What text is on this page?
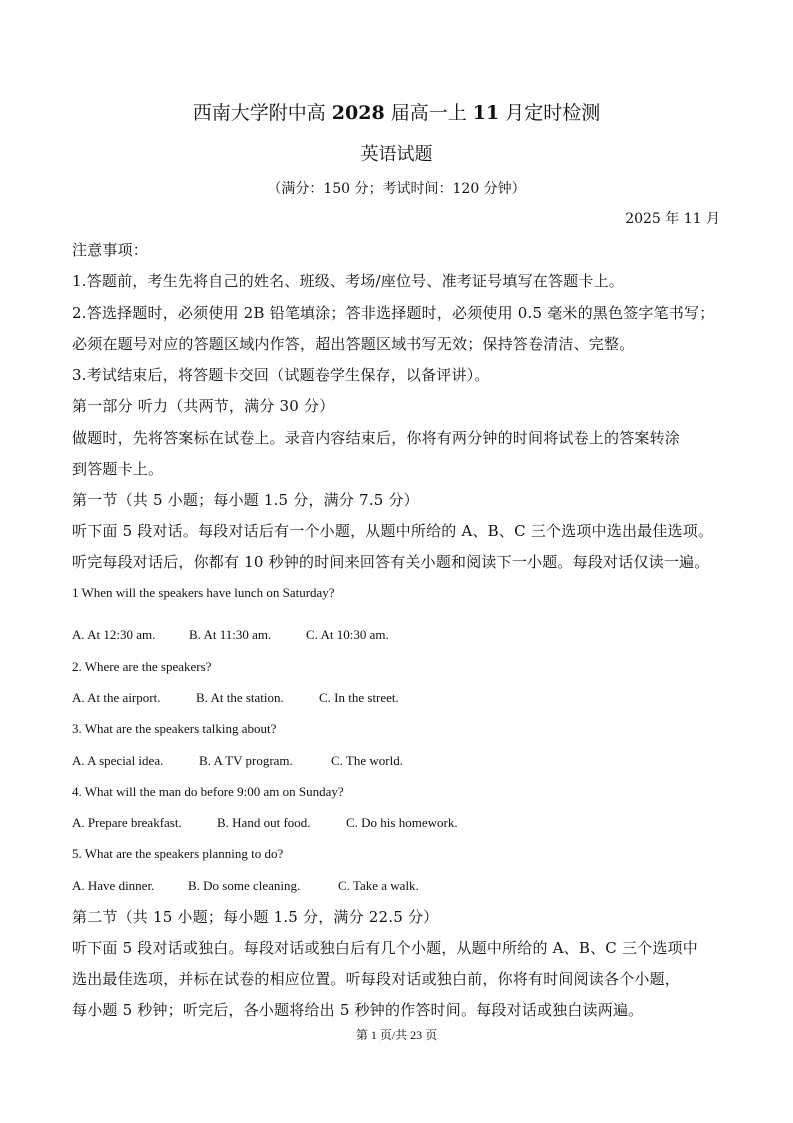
西南大学附中高 2028 届高一上 11 月定时检测
英语试题
（满分：150 分；考试时间：120 分钟）
2025 年 11 月
注意事项：
1.答题前，考生先将自己的姓名、班级、考场/座位号、准考证号填写在答题卡上。
2.答选择题时，必须使用 2B 铅笔填涂；答非选择题时，必须使用 0.5 毫米的黑色签字笔书写；
必须在题号对应的答题区域内作答，超出答题区域书写无效；保持答卷清洁、完整。
3.考试结束后，将答题卡交回（试题卷学生保存，以备评讲）。
第一部分 听力（共两节，满分 30 分）
做题时，先将答案标在试卷上。录音内容结束后，你将有两分钟的时间将试卷上的答案转涂
到答题卡上。
第一节（共 5 小题；每小题 1.5 分，满分 7.5 分）
听下面 5 段对话。每段对话后有一个小题，从题中所给的 A、B、C 三个选项中选出最佳选项。
听完每段对话后，你都有 10 秒钟的时间来回答有关小题和阅读下一小题。每段对话仅读一遍。
1 When will the speakers have lunch on Saturday?
A. At 12:30 am.	B. At 11:30 am.	C. At 10:30 am.
2. Where are the speakers?
A. At the airport.	B. At the station.	C. In the street.
3. What are the speakers talking about?
A. A special idea.	B. A TV program.	C. The world.
4. What will the man do before 9:00 am on Sunday?
A. Prepare breakfast.	B. Hand out food.	C. Do his homework.
5. What are the speakers planning to do?
A. Have dinner.	B. Do some cleaning.	C. Take a walk.
第二节（共 15 小题；每小题 1.5 分，满分 22.5 分）
听下面 5 段对话或独白。每段对话或独白后有几个小题，从题中所给的 A、B、C 三个选项中
选出最佳选项，并标在试卷的相应位置。听每段对话或独白前，你将有时间阅读各个小题，
每小题 5 秒钟；听完后，各小题将给出 5 秒钟的作答时间。每段对话或独白读两遍。
第 1 页/共 23 页
